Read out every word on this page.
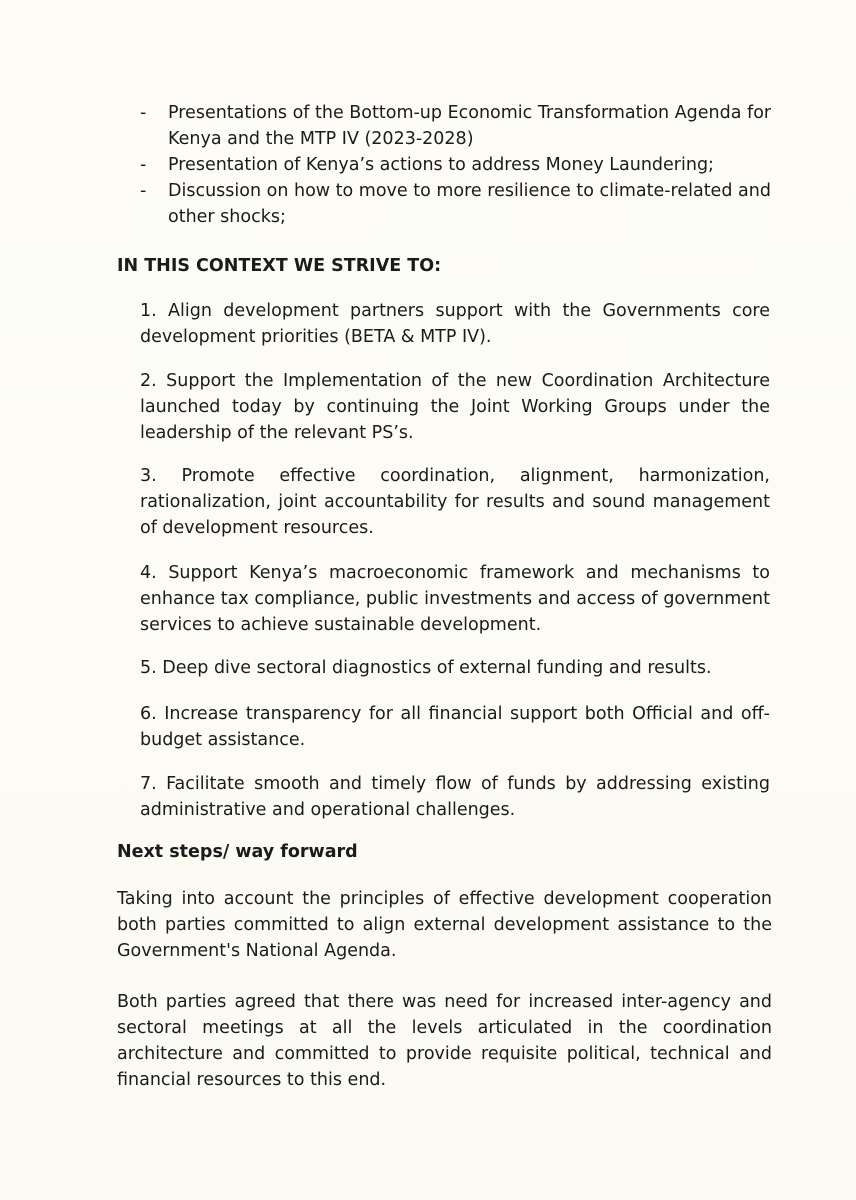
- Presentations of the Bottom-up Economic Transformation Agenda for Kenya and the MTP IV (2023-2028)
- Presentation of Kenya’s actions to address Money Laundering;
- Discussion on how to move to more resilience to climate-related and other shocks;
IN THIS CONTEXT WE STRIVE TO:

1. Align development partners support with the Governments core development priorities (BETA & MTP IV).

2. Support the Implementation of the new Coordination Architecture launched today by continuing the Joint Working Groups under the leadership of the relevant PS’s.

3. Promote effective coordination, alignment, harmonization, rationalization, joint accountability for results and sound management of development resources.

4. Support Kenya’s macroeconomic framework and mechanisms to enhance tax compliance, public investments and access of government services to achieve sustainable development.

5. Deep dive sectoral diagnostics of external funding and results.

6. Increase transparency for all financial support both Official and off-budget assistance.

7. Facilitate smooth and timely flow of funds by addressing existing administrative and operational challenges.

Next steps/ way forward

Taking into account the principles of effective development cooperation both parties committed to align external development assistance to the Government's National Agenda.

Both parties agreed that there was need for increased inter-agency and sectoral meetings at all the levels articulated in the coordination architecture and committed to provide requisite political, technical and financial resources to this end.
